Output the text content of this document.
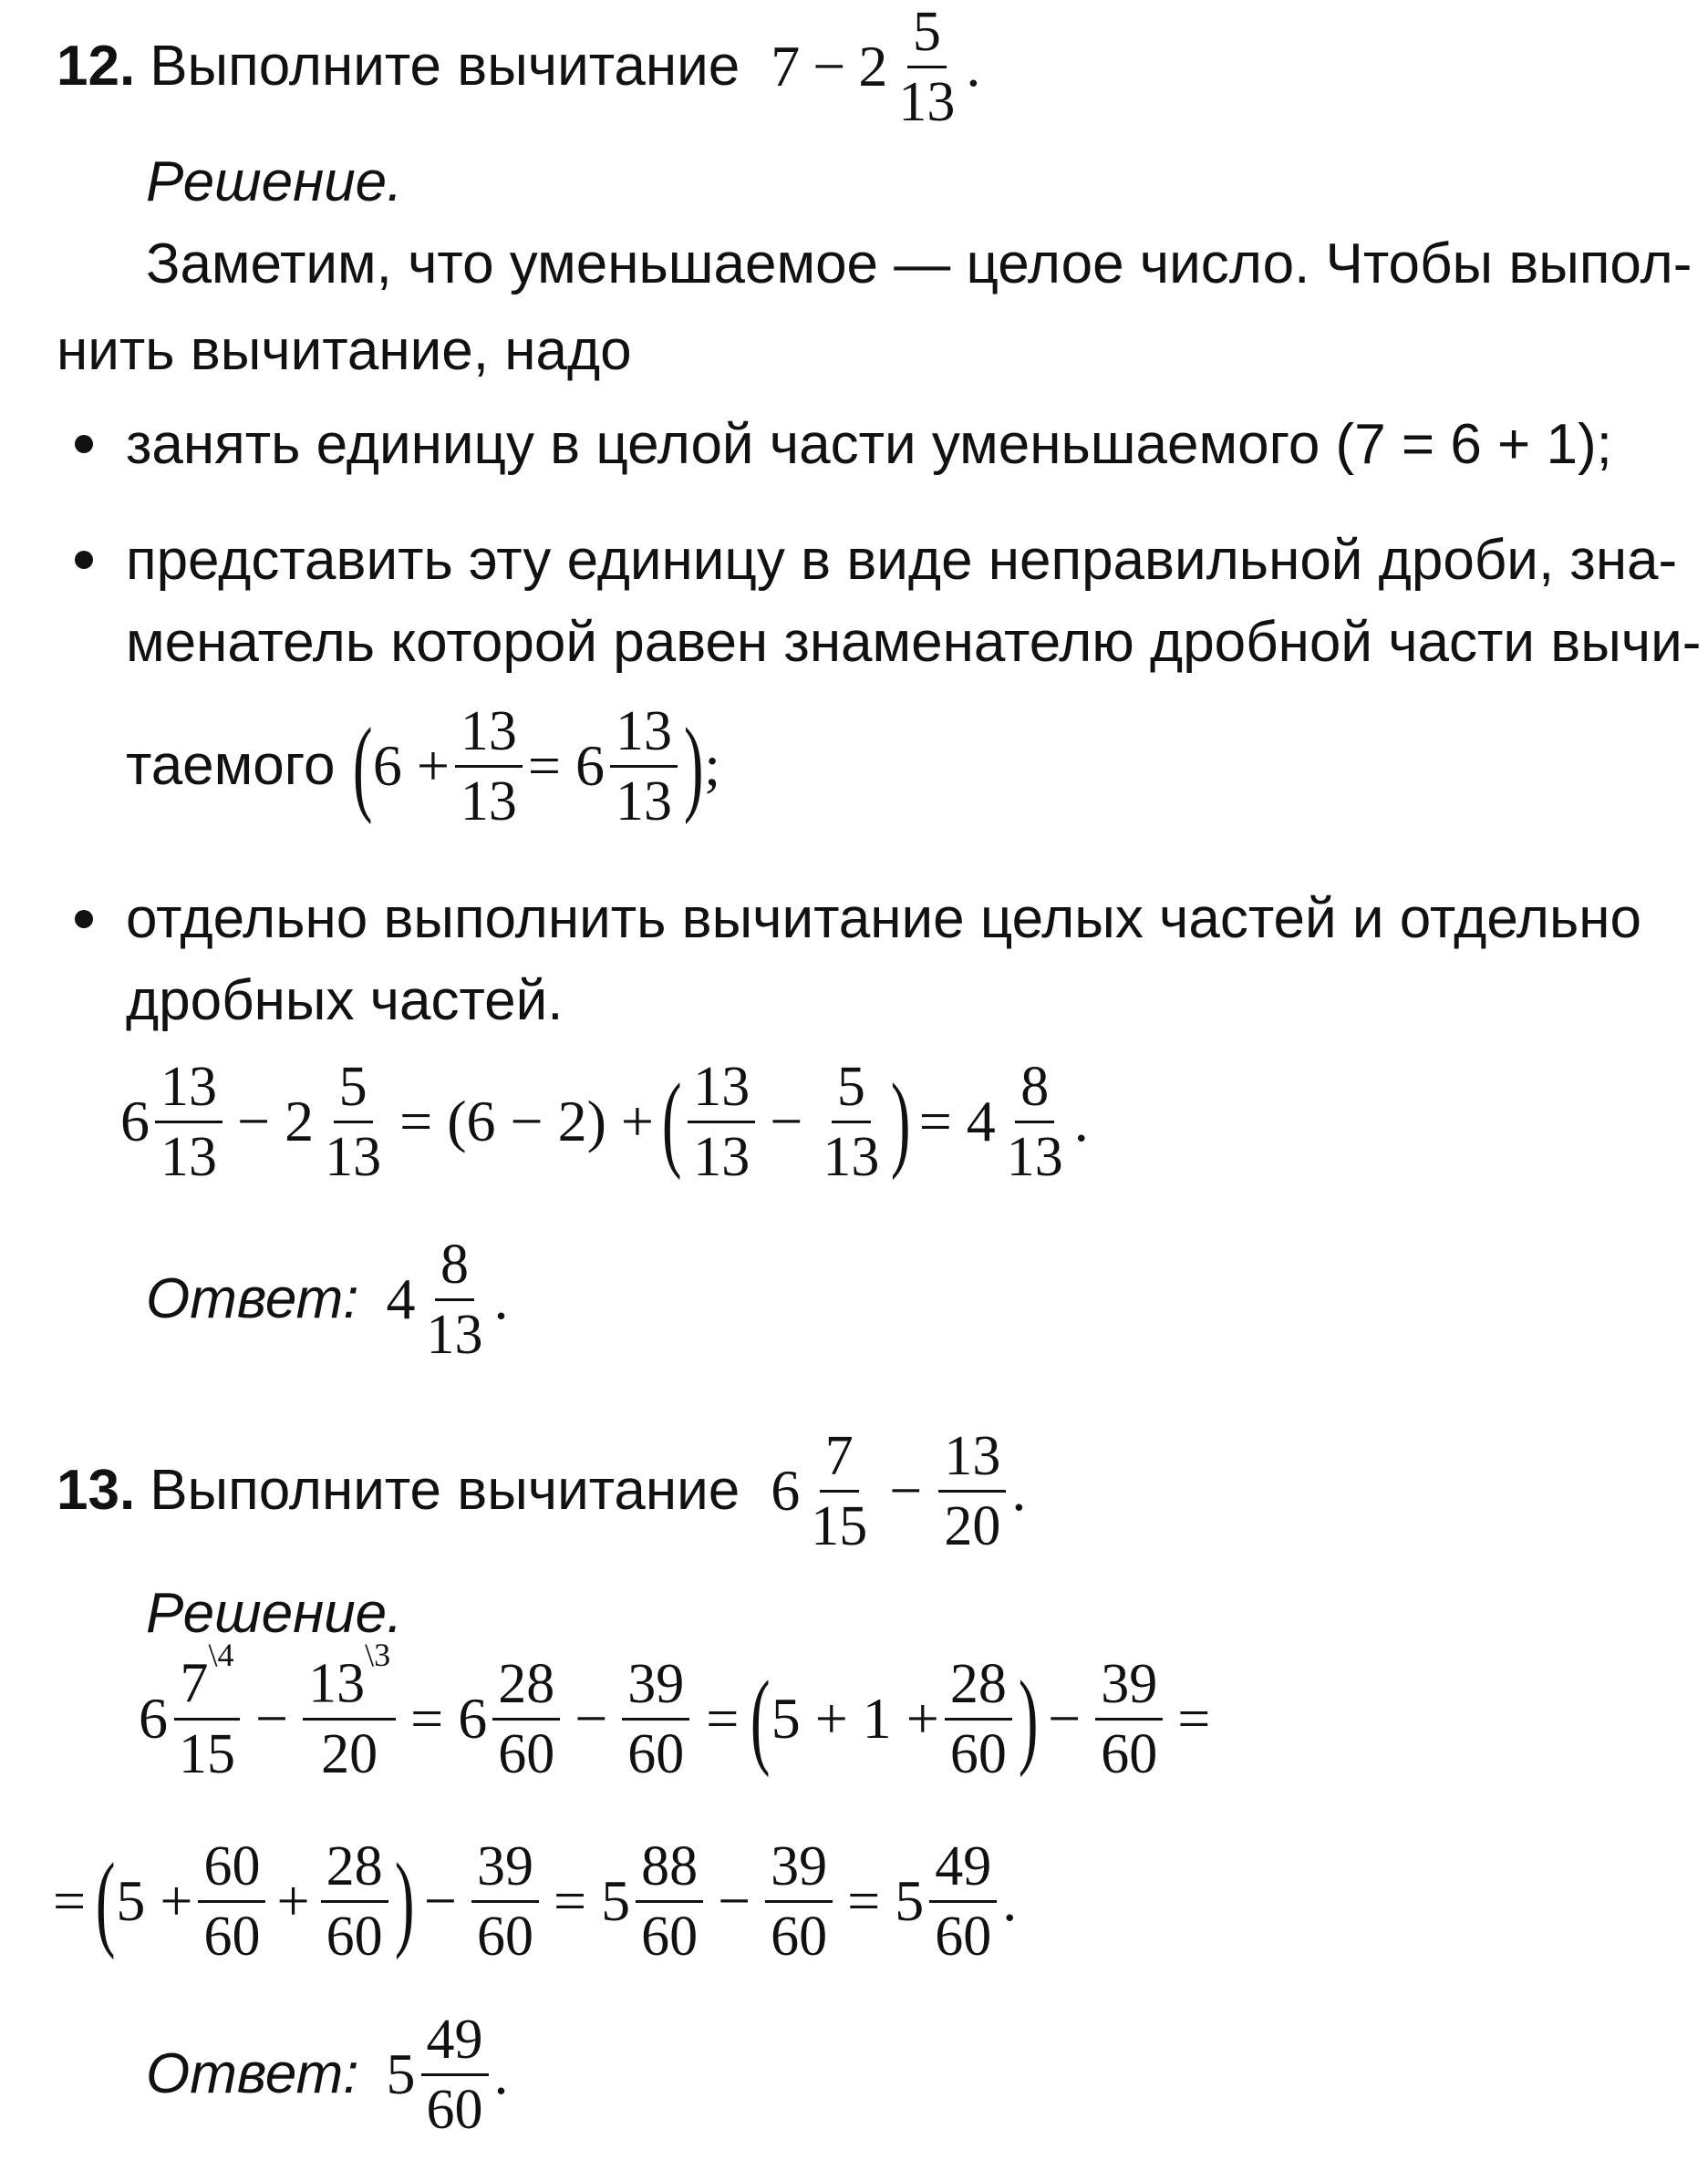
12. Выполните вычитание $7 - 2 \frac{5}{13}$ .
Решение.
Заметим, что уменьшаемое — целое число. Чтобы выпол-
нить вычитание, надо
занять единицу в целой части уменьшаемого (7 = 6 + 1);
представить эту единицу в виде неправильной дроби, зна-
менатель которой равен знаменателю дробной части вычи-
таемого ( $6 + \frac{13}{13} = 6 \frac{13}{13}$ ) ;
отдельно выполнить вычитание целых частей и отдельно
дробных частей.
$6 \frac{13}{13} - 2 \frac{5}{13} = (6 - 2)$ + ( $\frac{13}{13} - \frac{5}{13}$ ) = $4 \frac{8}{13}$ .
Ответ: $4 \frac{8}{13}$ .
13. Выполните вычитание $6 \frac{7}{15} - \frac{13}{20}$ .
Решение.
$6 \frac{7^{\backslash 4}}{15} - \frac{13^{\backslash 3}}{20} = 6 \frac{28}{60} - \frac{39}{60}$ = ( $5 + 1 + \frac{28}{60}$ ) − $\frac{39}{60}$ =
= ( $5 + \frac{60}{60} + \frac{28}{60}$ ) − $\frac{39}{60} = 5 \frac{88}{60} - \frac{39}{60} = 5 \frac{49}{60}$ .
Ответ: $5 \frac{49}{60}$ .
